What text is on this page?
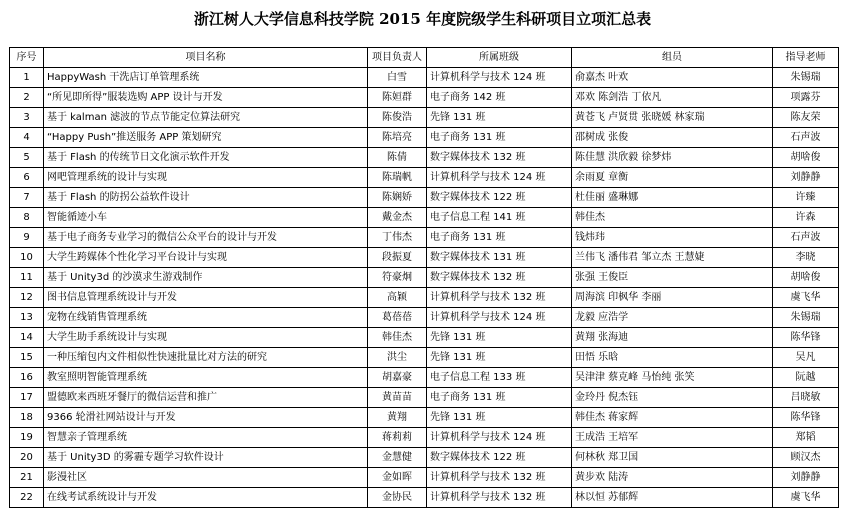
浙江树人大学信息科技学院 2015 年度院级学生科研项目立项汇总表
序号	项目名称	项目负责人	所属班级	组员	指导老师
1	HappyWash 干洗店订单管理系统	白雪	计算机科学与技术 124 班	俞嘉杰 叶欢	朱锡瑞
2	“所见即所得”服装选购 APP 设计与开发	陈姮群	电子商务 142 班	邓欢 陈剑浩 丁依凡	项露芬
3	基于 kalman 滤波的节点节能定位算法研究	陈俊浩	先锋 131 班	黄苍飞 卢贤贯 张晓媛 林家瑞	陈友荣
4	“Happy Push”推送服务 APP 策划研究	陈培亮	电子商务 131 班	邵树成 张俊	石声波
5	基于 Flash 的传统节日文化演示软件开发	陈倩	数字媒体技术 132 班	陈佳慧 洪欣毅 徐梦炜	胡啥俊
6	网吧管理系统的设计与实现	陈瑞帆	计算机科学与技术 124 班	余雨夏 章衡	刘静静
7	基于 Flash 的防拐公益软件设计	陈娴娇	数字媒体技术 122 班	杜佳丽 盛琳娜	许臻
8	智能循迹小车	戴金杰	电子信息工程 141 班	韩佳杰	许森
9	基于电子商务专业学习的微信公众平台的设计与开发	丁伟杰	电子商务 131 班	钱炜玮	石声波
10	大学生跨媒体个性化学习平台设计与实现	段振夏	数字媒体技术 131 班	兰伟飞 潘伟君 邹立杰 王慧婕	李晓
11	基于 Unity3d 的沙漠求生游戏制作	符豪炯	数字媒体技术 132 班	张强 王俊臣	胡啥俊
12	图书信息管理系统设计与开发	高颖	计算机科学与技术 132 班	周海滨 印枫华 李丽	虞飞华
13	宠物在线销售管理系统	葛蓓蓓	计算机科学与技术 124 班	龙毅 应浩学	朱锡瑞
14	大学生助手系统设计与实现	韩佳杰	先锋 131 班	黄翔 张海迪	陈华锋
15	一种压缩包内文件相似性快速批量比对方法的研究	洪尘	先锋 131 班	田悟 乐晗	吴凡
16	教室照明智能管理系统	胡嘉豪	电子信息工程 133 班	吴津津 蔡克峰 马怡纯 张笑	阮越
17	盟德欧来西班牙餐厅的微信运营和推广	黄苗苗	电子商务 131 班	金玲丹 倪杰钰	吕晓敏
18	9366 轮滑社网站设计与开发	黄翔	先锋 131 班	韩佳杰 蒋家辉	陈华锋
19	智慧亲子管理系统	蒋莉莉	计算机科学与技术 124 班	王成浩 王培军	郑韬
20	基于 Unity3D 的雾霾专题学习软件设计	金慧健	数字媒体技术 122 班	何林秋 郑卫国	顾汉杰
21	影漫社区	金如晖	计算机科学与技术 132 班	黄步欢 陆涛	刘静静
22	在线考试系统设计与开发	金协民	计算机科学与技术 132 班	林以恒 苏郁辉	虞飞华
